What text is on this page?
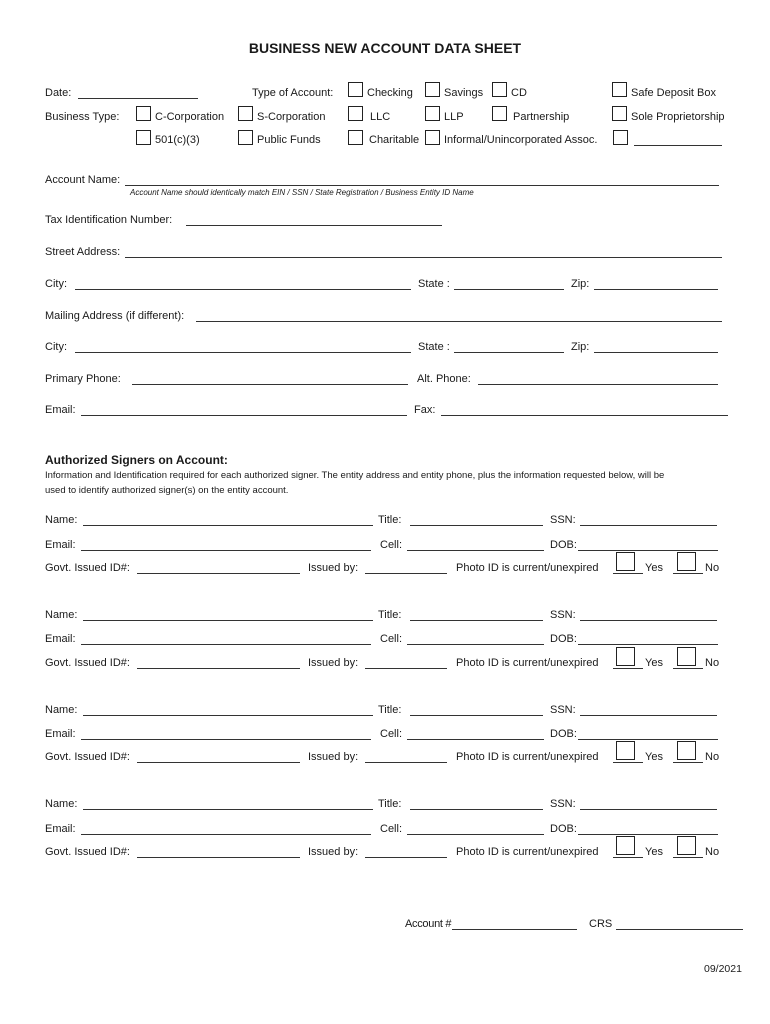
BUSINESS NEW ACCOUNT DATA SHEET
Date:	Type of Account:	Checking	Savings	CD	Safe Deposit Box
Business Type:	C-Corporation	S-Corporation	LLC	LLP	Partnership	Sole Proprietorship
501(c)(3)	Public Funds	Charitable Informal/Unincorporated Assoc.
Account Name:
Account Name should identically match EIN / SSN / State Registration / Business Entity ID Name
Tax Identification Number:
Street Address:
City:	State :	Zip:
Mailing Address (if different):
City:	State :	Zip:
Primary Phone:	Alt. Phone:
Email:	Fax:
Authorized Signers on Account:
Information and Identification required for each authorized signer. The entity address and entity phone, plus the information requested below, will be
used to identify authorized signer(s) on the entity account.
Name:	Title:	SSN:
Email:	Cell:	DOB:
Govt. Issued ID#:	Issued by:	Photo ID is current/unexpired	Yes	No
Name:	Title:	SSN:
Email:	Cell:	DOB:
Govt. Issued ID#:	Issued by:	Photo ID is current/unexpired	Yes	No
Name:	Title:	SSN:
Email:	Cell:	DOB:
Govt. Issued ID#:	Issued by:	Photo ID is current/unexpired	Yes	No
Name:	Title:	SSN:
Email:	Cell:	DOB:
Govt. Issued ID#:	Issued by:	Photo ID is current/unexpired	Yes	No
Account #	CRS
09/2021
